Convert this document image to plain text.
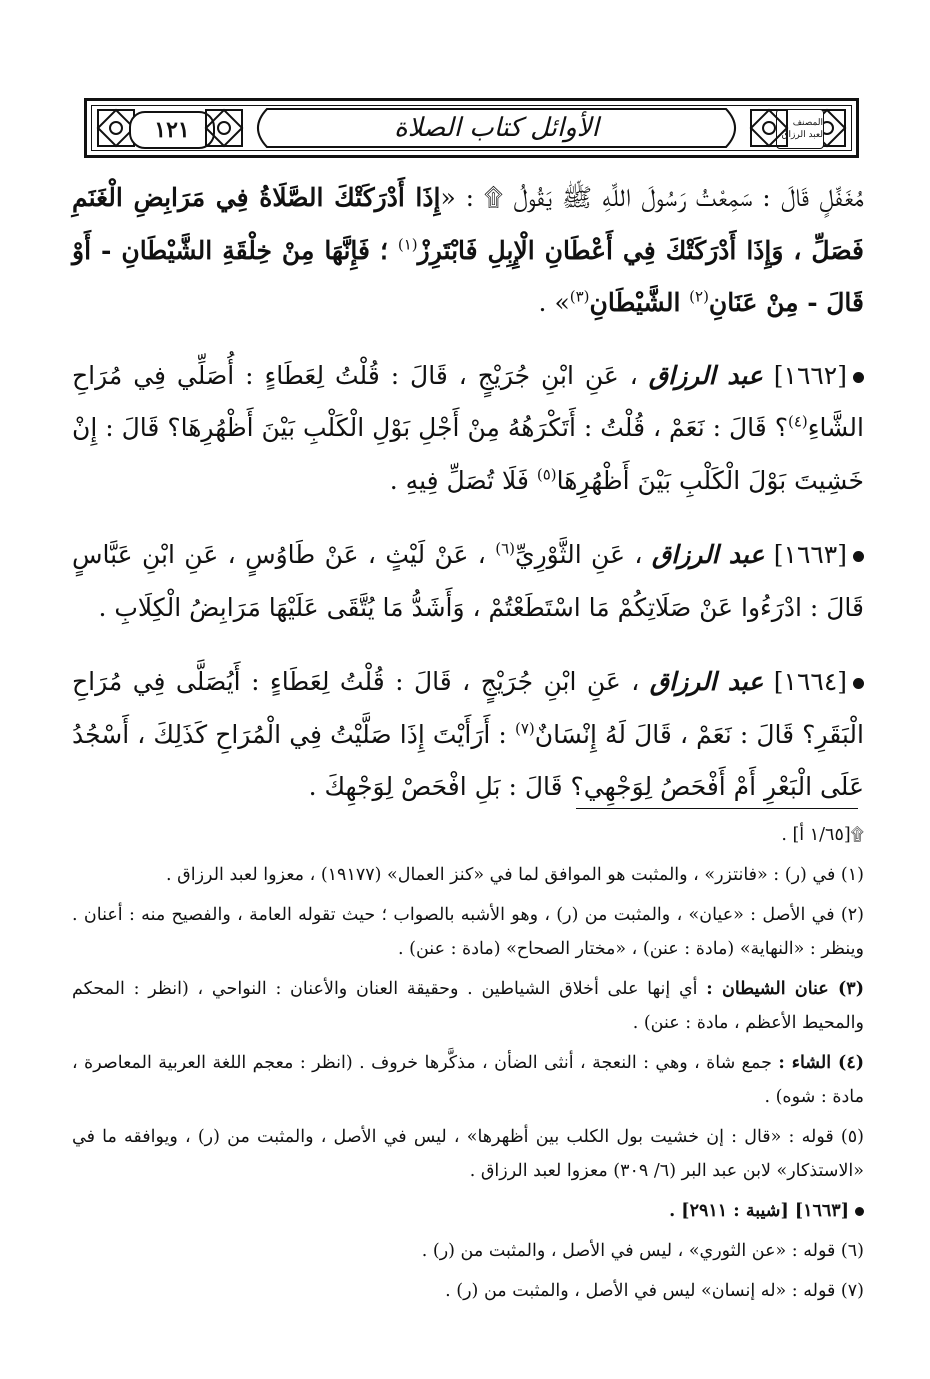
١٢١	الأوائل كتاب الصلاة	المصنف لعبد الرزاق

مُغَفَّلٍ قَالَ : سَمِعْتُ رَسُولَ اللَّهِ ﷺ يَقُولُ ۩ : «إِذَا أَدْرَكَتْكَ الصَّلَاةُ فِي مَرَابِضِ الْغَنَمِ فَصَلِّ ، وَإِذَا أَدْرَكَتْكَ فِي أَعْطَانِ الْإِبِلِ فَابْتَرِزْ$^{(١)}$ ؛ فَإِنَّهَا مِنْ خِلْقَةِ الشَّيْطَانِ - أَوْ قَالَ - مِنْ عَنَانِ$^{(٢)}$ الشَّيْطَانِ$^{(٣)}$» .

[١٦٦٢] عبد الرزاق ، عَنِ ابْنِ جُرَيْجٍ ، قَالَ : قُلْتُ لِعَطَاءٍ : أُصَلِّي فِي مُرَاحِ الشَّاءِ$^{(٤)}$؟ قَالَ : نَعَمْ ، قُلْتُ : أَتَكْرَهُهُ مِنْ أَجْلِ بَوْلِ الْكَلْبِ بَيْنَ أَظْهُرِهَا؟ قَالَ : إِنْ خَشِيتَ بَوْلَ الْكَلْبِ بَيْنَ أَظْهُرِهَا$^{(٥)}$ فَلَا تُصَلِّ فِيهِ .

[١٦٦٣] عبد الرزاق ، عَنِ الثَّوْرِيِّ$^{(٦)}$ ، عَنْ لَيْثٍ ، عَنْ طَاوُسٍ ، عَنِ ابْنِ عَبَّاسٍ قَالَ : ادْرَءُوا عَنْ صَلَاتِكُمْ مَا اسْتَطَعْتُمْ ، وَأَشَدُّ مَا يُتَّقَى عَلَيْهَا مَرَابِضُ الْكِلَابِ .

[١٦٦٤] عبد الرزاق ، عَنِ ابْنِ جُرَيْجٍ ، قَالَ : قُلْتُ لِعَطَاءٍ : أَيُصَلَّى فِي مُرَاحِ الْبَقَرِ؟ قَالَ : نَعَمْ ، قَالَ لَهُ إِنْسَانٌ$^{(٧)}$ : أَرَأَيْتَ إِذَا صَلَّيْتُ فِي الْمُرَاحِ كَذَلِكَ ، أَسْجُدُ عَلَى الْبَعْرِ أَمْ أَفْحَصُ لِوَجْهِي؟ قَالَ : بَلِ افْحَصْ لِوَجْهِكَ .

۩[١/٦٥ أ] .

(١) في (ر) : «فانتزر» ، والمثبت هو الموافق لما في «كنز العمال» (١٩١٧٧) ، معزوا لعبد الرزاق .

(٢) في الأصل : «عيان» ، والمثبت من (ر) ، وهو الأشبه بالصواب ؛ حيث تقوله العامة ، والفصيح منه : أعنان . وينظر : «النهاية» (مادة : عنن) ، «مختار الصحاح» (مادة : عنن) .

(٣) عنان الشيطان : أي إنها على أخلاق الشياطين . وحقيقة العنان والأعنان : النواحي ، (انظر : المحكم والمحيط الأعظم ، مادة : عنن) .

(٤) الشاء : جمع شاة ، وهي : النعجة ، أنثى الضأن ، مذكَّرها خروف . (انظر : معجم اللغة العربية المعاصرة ، مادة : شوه) .

(٥) قوله : «قال : إن خشيت بول الكلب بين أظهرها» ، ليس في الأصل ، والمثبت من (ر) ، ويوافقه ما في «الاستذكار» لابن عبد البر (٦/ ٣٠٩) معزوا لعبد الرزاق .

[١٦٦٣] [شيبة : ٢٩١١] .

(٦) قوله : «عن الثوري» ، ليس في الأصل ، والمثبت من (ر) .

(٧) قوله : «له إنسان» ليس في الأصل ، والمثبت من (ر) .
